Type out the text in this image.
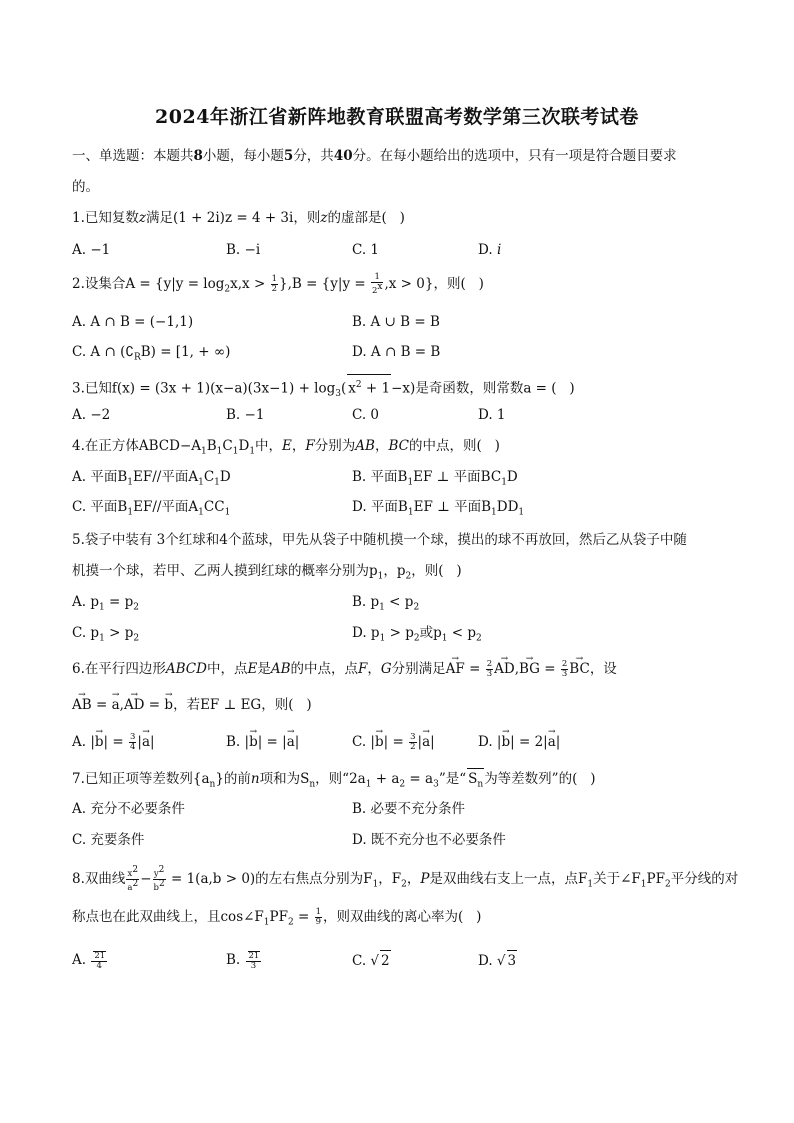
2024年浙江省新阵地教育联盟高考数学第三次联考试卷
一、单选题：本题共8小题，每小题5分，共40分。在每小题给出的选项中，只有一项是符合题目要求
的。
1.已知复数z满足(1 + 2i)z = 4 + 3i，则z的虚部是(   )
A. −1	B. −i	C. 1	D. i
2.设集合$A = \{y|y = \log_2x,x > \frac{1}{2} \},B = \{y|y = \frac{1}{2^x} ,x > 0\}$，则(   )
A. A ∩ B = (−1,1)	B. A ∪ B = B
C. A ∩ $(∁_RB) = [1$, + ∞)	D. A ∩ B = B
3.已知$f(x) = (3x + 1)(x-a)(3x-1) + \log_3$( $x^2 + 1-x$)是奇函数，则常数a = (   )
A. −2	B. −1	C. 0	D. 1
4.在正方体$ABCD-A_1B_1C_1D_1$中，E，F分别为AB，BC的中点，则(   )
A. 平面$B_1EF//$平面$A_1C_1D$	B. 平面$B_1EF$ ⊥ 平面$BC_1D$
C. 平面$B_1EF//$平面$A_1CC_1$	D. 平面$B_1EF$ ⊥ 平面$B_1DD_1$
5.袋子中装有 3个红球和4个蓝球，甲先从袋子中随机摸一个球，摸出的球不再放回，然后乙从袋子中随
机摸一个球，若甲、乙两人摸到红球的概率分别为$p_1$，$p_2$，则(   )
A. $p_1 = p_2$	B. $p_1 < p_2$
C. $p_1 > p_2$	D. $p_1 > p_2$或$p_1 < p_2$
6.在平行四边形ABCD中，点E是AB的中点，点F，G分别满足→ AF = $\frac{2}{3}$
→ AD,→ BG = $\frac{2}{3}$
→ BC，设
→ AB = → a,→ AD = → b，若EF ⊥ EG，则(   )
A. |→ $b| = \frac{3}{4}$ |→ a|	B. |→ b| = |→ a|	C. |→ $b| = \frac{3}{2}$ |→ a|	D. |→ b| = 2|→ a|
7.已知正项等差数列$\{a_n\}$的前n项和为$S_n$，则“$2a_1 + a_2 = a_3$”是“ $S_n$为等差数列”的(   )
A. 充分不必要条件	B. 必要不充分条件
C. 充要条件	D. 既不充分也不必要条件
8.双曲线 $\frac{x^2}{a^2} - \frac{y^2}{b^2} = 1(a,b > 0)$的左右焦点分别为$F_1$，$F_2$，P是双曲线右支上一点，点$F_1$关于$\angle F_1PF_2$平分线的对
称点也在此双曲线上，且$\cos\angle F_1PF_2 = \frac{1}{9}$ ，则双曲线的离心率为(   )
A. $\frac{21}{4}$	B. $\frac{21}{3}$	C. √ 2	D. √ 3
